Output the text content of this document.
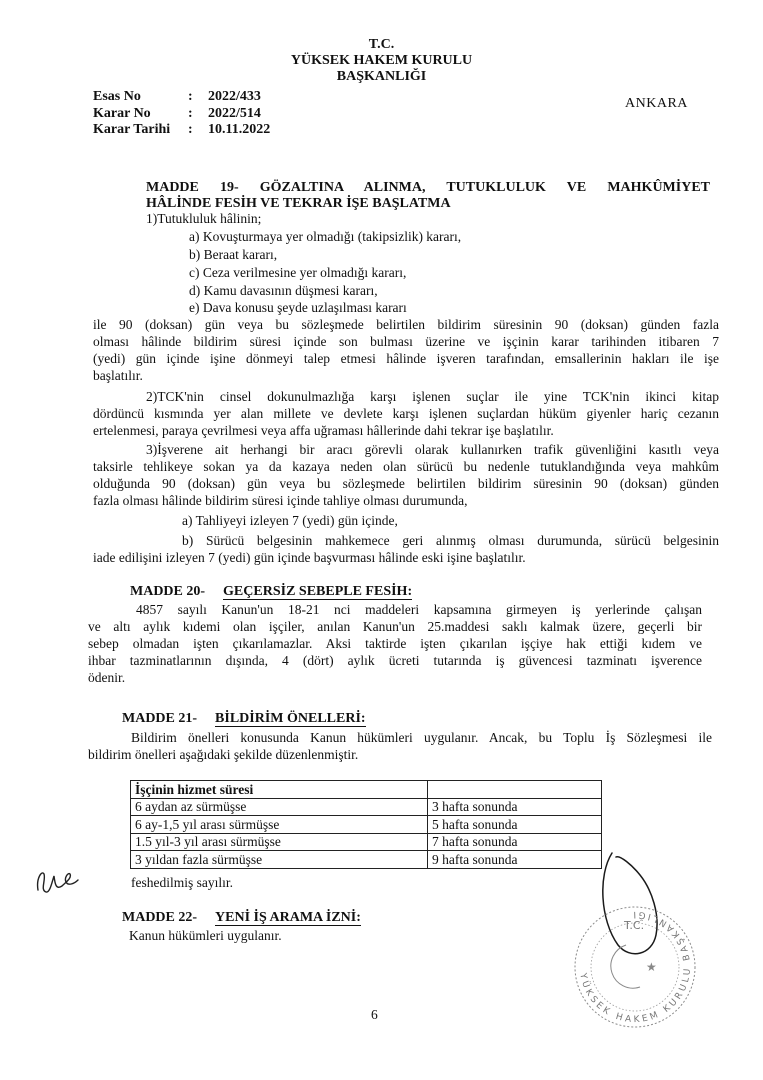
T.C.
YÜKSEK HAKEM KURULU
BAŞKANLIĞI
Esas No	:	2022/433
Karar No	:	2022/514
Karar Tarihi	:	10.11.2022
ANKARA
MADDE 19- GÖZALTINA ALINMA, TUTUKLULUK VE MAHKÛMİYET
HÂLİNDE FESİH VE TEKRAR İŞE BAŞLATMA
1)Tutukluluk hâlinin;
a) Kovuşturmaya yer olmadığı (takipsizlik) kararı,
b) Beraat kararı,
c) Ceza verilmesine yer olmadığı kararı,
d) Kamu davasının düşmesi kararı,
e) Dava konusu şeyde uzlaşılması kararı
ile 90 (doksan) gün veya bu sözleşmede belirtilen bildirim süresinin 90 (doksan) günden fazla
olması hâlinde bildirim süresi içinde son bulması üzerine ve işçinin karar tarihinden itibaren 7
(yedi) gün içinde işine dönmeyi talep etmesi hâlinde işveren tarafından, emsallerinin hakları ile işe
başlatılır.
2)TCK'nin cinsel dokunulmazlığa karşı işlenen suçlar ile yine TCK'nin ikinci kitap
dördüncü kısmında yer alan millete ve devlete karşı işlenen suçlardan hüküm giyenler hariç cezanın
ertelenmesi, paraya çevrilmesi veya affa uğraması hâllerinde dahi tekrar işe başlatılır.
3)İşverene ait herhangi bir aracı görevli olarak kullanırken trafik güvenliğini kasıtlı veya
taksirle tehlikeye sokan ya da kazaya neden olan sürücü bu nedenle tutuklandığında veya mahkûm
olduğunda 90 (doksan) gün veya bu sözleşmede belirtilen bildirim süresinin 90 (doksan) günden
fazla olması hâlinde bildirim süresi içinde tahliye olması durumunda,
a) Tahliyeyi izleyen 7 (yedi) gün içinde,
b) Sürücü belgesinin mahkemece geri alınmış olması durumunda, sürücü belgesinin
iade edilişini izleyen 7 (yedi) gün içinde başvurması hâlinde eski işine başlatılır.
MADDE 20- GEÇERSİZ SEBEPLE FESİH:
4857 sayılı Kanun'un 18-21 nci maddeleri kapsamına girmeyen iş yerlerinde çalışan
ve altı aylık kıdemi olan işçiler, anılan Kanun'un 25.maddesi saklı kalmak üzere, geçerli bir
sebep olmadan işten çıkarılamazlar. Aksi taktirde işten çıkarılan işçiye hak ettiği kıdem ve
ihbar tazminatlarının dışında, 4 (dört) aylık ücreti tutarında iş güvencesi tazminatı işverence
ödenir.
MADDE 21- BİLDİRİM ÖNELLERİ:
Bildirim önelleri konusunda Kanun hükümleri uygulanır. Ancak, bu Toplu İş Sözleşmesi ile
bildirim önelleri aşağıdaki şekilde düzenlenmiştir.
İşçinin hizmet süresi	
6 aydan az sürmüşse	3 hafta sonunda
6 ay-1,5 yıl arası sürmüşse	5 hafta sonunda
1.5 yıl-3 yıl arası sürmüşse	7 hafta sonunda
3 yıldan fazla sürmüşse	9 hafta sonunda
feshedilmiş sayılır.
MADDE 22- YENİ İŞ ARAMA İZNİ:
Kanun hükümleri uygulanır.
6
YÜKSEK HAKEM KURULU BAŞKANLIĞI
★
T.C.
